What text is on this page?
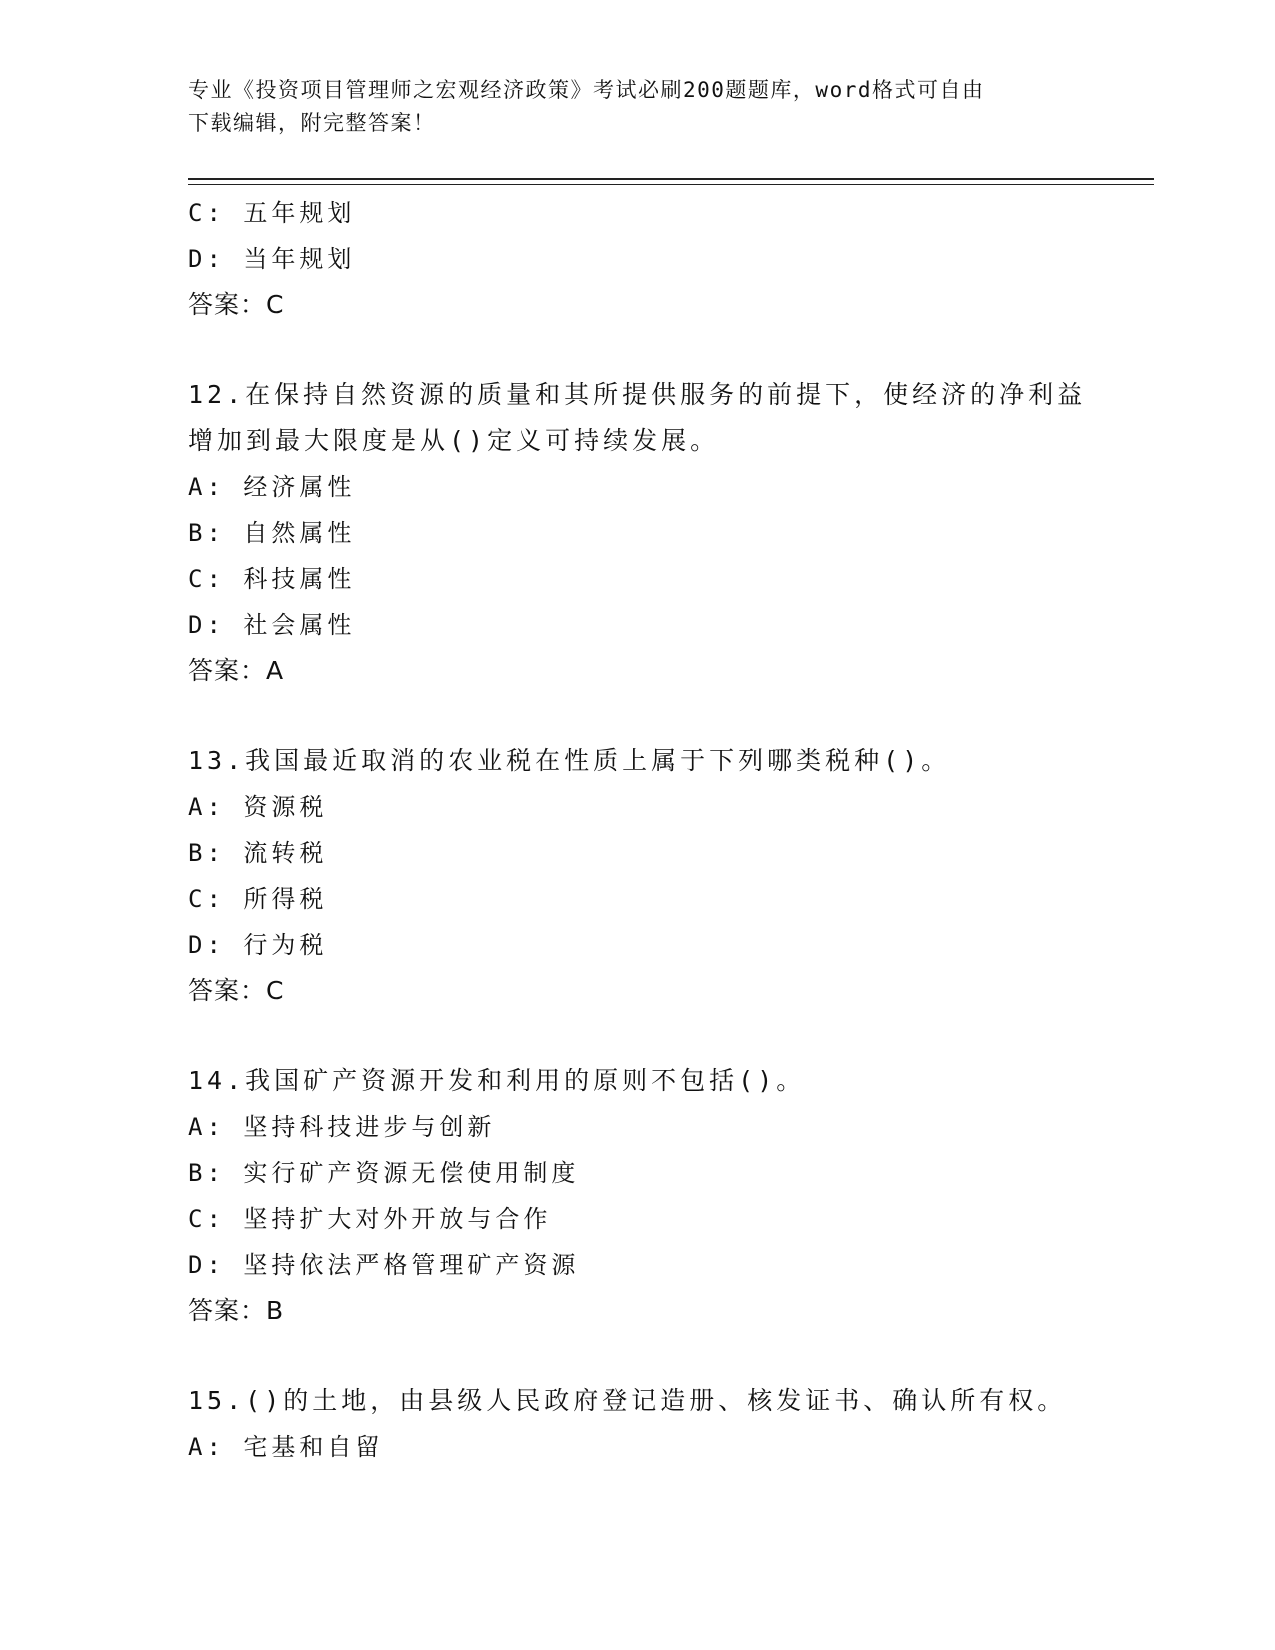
专业《投资项目管理师之宏观经济政策》考试必刷200题题库，word格式可自由
下载编辑，附完整答案！
C: 五年规划
D: 当年规划
答案：C
12.在保持自然资源的质量和其所提供服务的前提下，使经济的净利益
增加到最大限度是从()定义可持续发展。
A: 经济属性
B: 自然属性
C: 科技属性
D: 社会属性
答案：A
13.我国最近取消的农业税在性质上属于下列哪类税种()。
A: 资源税
B: 流转税
C: 所得税
D: 行为税
答案：C
14.我国矿产资源开发和利用的原则不包括()。
A: 坚持科技进步与创新
B: 实行矿产资源无偿使用制度
C: 坚持扩大对外开放与合作
D: 坚持依法严格管理矿产资源
答案：B
15.()的土地，由县级人民政府登记造册、核发证书、确认所有权。
A: 宅基和自留
